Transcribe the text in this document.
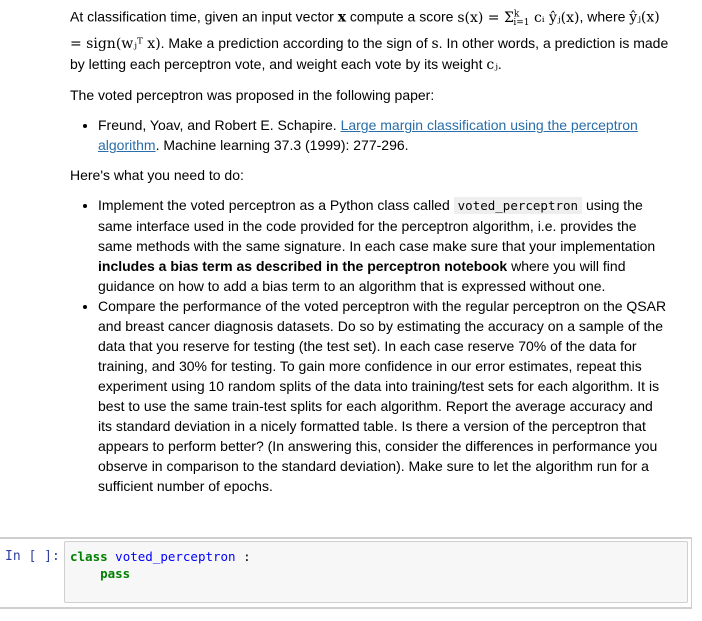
At classification time, given an input vector x compute a score $s(x) = \Sigma^k_{i=1}$ cᵢ ŷⱼ(x), where ŷⱼ(x) = sign(wⱼᵀ x). Make a prediction according to the sign of s. In other words, a prediction is made by letting each perceptron vote, and weight each vote by its weight cⱼ.

The voted perceptron was proposed in the following paper:

• Freund, Yoav, and Robert E. Schapire. Large margin classification using the perceptron algorithm. Machine learning 37.3 (1999): 277-296.

Here's what you need to do:

• Implement the voted perceptron as a Python class called voted_perceptron using the same interface used in the code provided for the perceptron algorithm, i.e. provides the same methods with the same signature. In each case make sure that your implementation includes a bias term as described in the perceptron notebook where you will find guidance on how to add a bias term to an algorithm that is expressed without one.
• Compare the performance of the voted perceptron with the regular perceptron on the QSAR and breast cancer diagnosis datasets. Do so by estimating the accuracy on a sample of the data that you reserve for testing (the test set). In each case reserve 70% of the data for training, and 30% for testing. To gain more confidence in our error estimates, repeat this experiment using 10 random splits of the data into training/test sets for each algorithm. It is best to use the same train-test splits for each algorithm. Report the average accuracy and its standard deviation in a nicely formatted table. Is there a version of the perceptron that appears to perform better? (In answering this, consider the differences in performance you observe in comparison to the standard deviation). Make sure to let the algorithm run for a sufficient number of epochs.
In [ ]: class voted_perceptron :
pass
